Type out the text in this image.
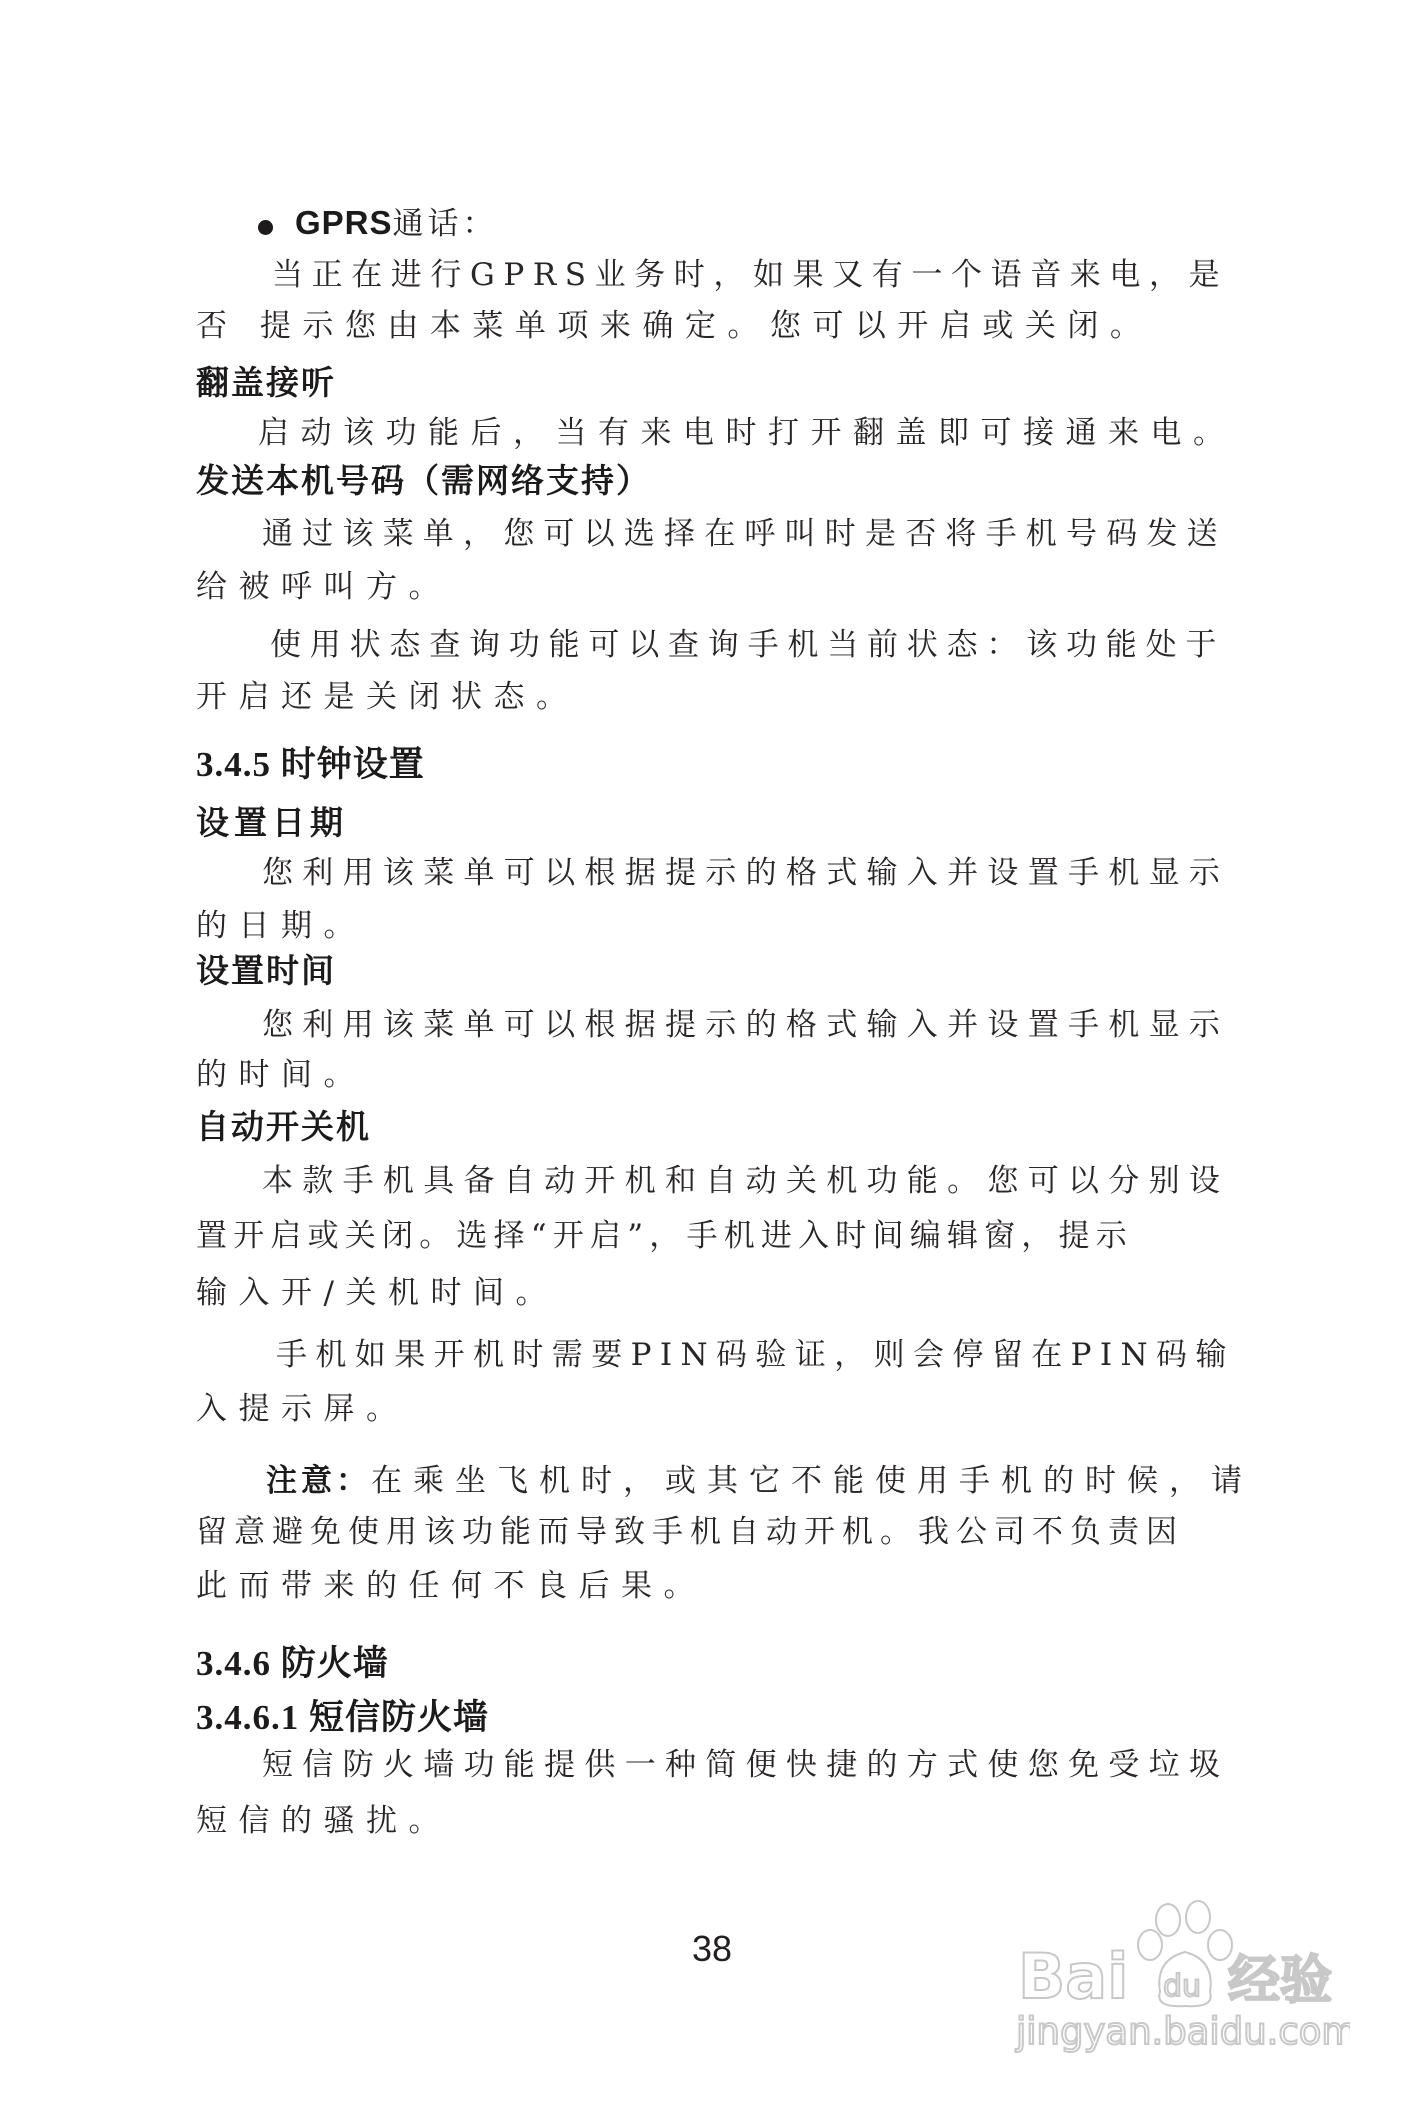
GPRS通话：
当正在进行GPRS业务时，如果又有一个语音来电，是
否 提示您由本菜单项来确定。您可以开启或关闭。
翻盖接听
启动该功能后，当有来电时打开翻盖即可接通来电。
发送本机号码（需网络支持）
通过该菜单，您可以选择在呼叫时是否将手机号码发送
给被呼叫方。
使用状态查询功能可以查询手机当前状态：该功能处于
开启还是关闭状态。
3.4.5 时钟设置
设置日期
您利用该菜单可以根据提示的格式输入并设置手机显示
的日期。
设置时间
您利用该菜单可以根据提示的格式输入并设置手机显示
的时间。
自动开关机
本款手机具备自动开机和自动关机功能。您可以分别设
置开启或关闭。选择“开启”，手机进入时间编辑窗，提示
输入开/关机时间。
手机如果开机时需要PIN码验证，则会停留在PIN码输
入提示屏。
注意：在乘坐飞机时，或其它不能使用手机的时候，请
留意避免使用该功能而导致手机自动开机。我公司不负责因
此而带来的任何不良后果。
3.4.6 防火墙
3.4.6.1 短信防火墙
短信防火墙功能提供一种简便快捷的方式使您免受垃圾
短信的骚扰。
38	Bai du 经验
jingyan.baidu.com
